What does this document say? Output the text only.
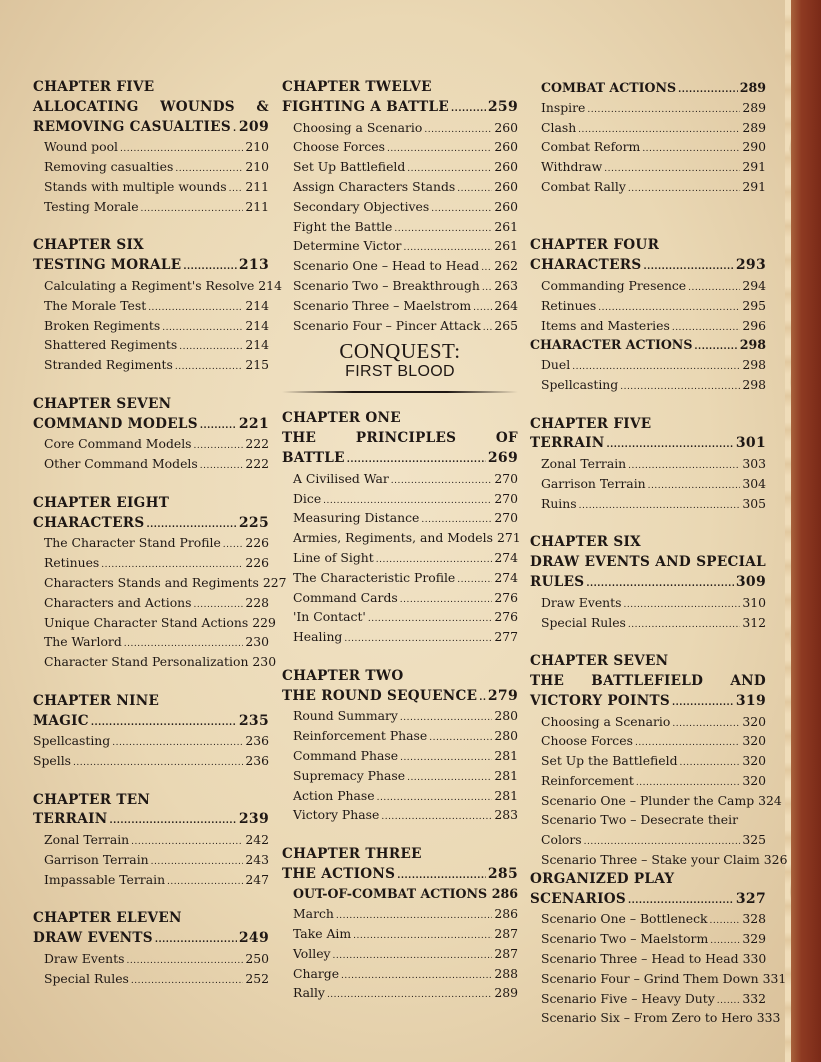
CHAPTER FIVE
ALLOCATING WOUNDS &
REMOVING CASUALTIES ..... 209
Wound pool .....	210
Removing casualties .....	210
Stands with multiple wounds ..... 211
Testing Morale .....	211
CHAPTER SIX
TESTING MORALE .....	213
Calculating a Regiment's Resolve 214
The Morale Test .....	214
Broken Regiments .....	214
Shattered Regiments .....	214
Stranded Regiments .....	215
CHAPTER SEVEN
COMMAND MODELS .....	221
Core Command Models .....	222
Other Command Models .....	222
CHAPTER EIGHT
CHARACTERS .....	225
The Character Stand Profile ..... 226
Retinues .....	226
Characters Stands and Regiments 227
Characters and Actions .....	228
Unique Character Stand Actions 229
The Warlord .....	230
Character Stand Personalization 230
CHAPTER NINE
MAGIC .....	235
Spellcasting .....	236
Spells .....	236
CHAPTER TEN
TERRAIN .....	239
Zonal Terrain .....	242
Garrison Terrain .....	243
Impassable Terrain .....	247
CHAPTER ELEVEN
DRAW EVENTS .....	249
Draw Events .....	250
Special Rules .....	252
CHAPTER TWELVE
FIGHTING A BATTLE .....	259
Choosing a Scenario .....	260
Choose Forces .....	260
Set Up Battlefield .....	260
Assign Characters Stands .....	260
Secondary Objectives .....	260
Fight the Battle .....	261
Determine Victor .....	261
Scenario One – Head to Head ..... 262
Scenario Two – Breakthrough ..... 263
Scenario Three – Maelstrom ..... 264
Scenario Four – Pincer Attack ..... 265
CONQUEST:
FIRST BLOOD
CHAPTER ONE
THE	PRINCIPLES	OF
BATTLE .....	269
A Civilised War .....	270
Dice .....	270
Measuring Distance .....	270
Armies, Regiments, and Models 271
Line of Sight .....	274
The Characteristic Profile .....	274
Command Cards .....	276
'In Contact' .....	276
Healing .....	277
CHAPTER TWO
THE ROUND SEQUENCE ..... 279
Round Summary .....	280
Reinforcement Phase .....	280
Command Phase .....	281
Supremacy Phase .....	281
Action Phase .....	281
Victory Phase .....	283
CHAPTER THREE
THE ACTIONS .....	285
OUT-OF-COMBAT ACTIONS ..... 286
March .....	286
Take Aim .....	287
Volley .....	287
Charge .....	288
Rally .....	289
COMBAT ACTIONS .....	289
Inspire .....	289
Clash .....	289
Combat Reform .....	290
Withdraw .....	291
Combat Rally .....	291
CHAPTER FOUR
CHARACTERS .....	293
Commanding Presence .....	294
Retinues .....	295
Items and Masteries .....	296
CHARACTER ACTIONS .....	298
Duel .....	298
Spellcasting .....	298
CHAPTER FIVE
TERRAIN .....	301
Zonal Terrain .....	303
Garrison Terrain .....	304
Ruins .....	305
CHAPTER SIX
DRAW EVENTS AND SPECIAL
RULES .....	309
Draw Events .....	310
Special Rules .....	312
CHAPTER SEVEN
THE BATTLEFIELD AND
VICTORY POINTS .....	319
Choosing a Scenario .....	320
Choose Forces .....	320
Set Up the Battlefield .....	320
Reinforcement .....	320
Scenario One – Plunder the Camp 324
Scenario Two – Desecrate their
Colors .....	325
Scenario Three – Stake your Claim 326
ORGANIZED PLAY
SCENARIOS .....	327
Scenario One – Bottleneck .....	328
Scenario Two – Maelstorm .....	329
Scenario Three – Head to Head 330
Scenario Four – Grind Them Down 331
Scenario Five – Heavy Duty ..... 332
Scenario Six – From Zero to Hero 333
